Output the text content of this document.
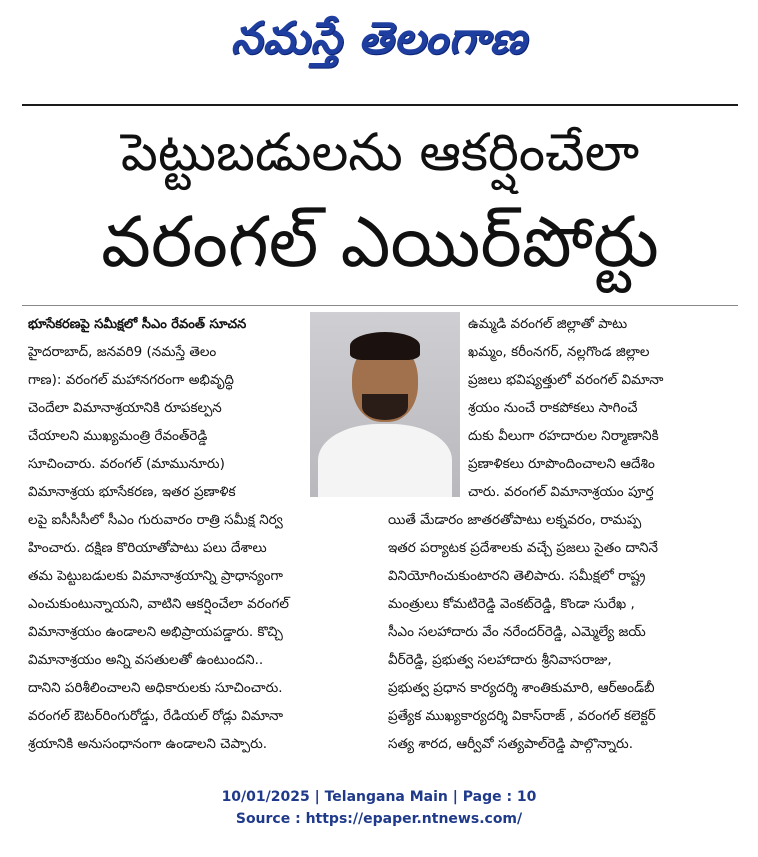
నమస్తే తెలంగాణ
పెట్టుబడులను ఆకర్షించేలా
వరంగల్ ఎయిర్‌పోర్టు
భూసేకరణపై సమీక్షలో సీఎం రేవంత్ సూచన
హైదరాబాద్, జనవరి9 (నమస్తే తెలం
గాణ): వరంగల్ మహానగరంగా అభివృద్ధి
చెందేలా విమానాశ్రయానికి రూపకల్పన
చేయాలని ముఖ్యమంత్రి రేవంత్‌రెడ్డి
సూచించారు. వరంగల్ (మామునూరు)
విమానాశ్రయ భూసేకరణ, ఇతర ప్రణాళిక
లపై ఐసీసీసీలో సీఎం గురువారం రాత్రి సమీక్ష నిర్వ
హించారు. దక్షిణ కొరియాతోపాటు పలు దేశాలు
తమ పెట్టుబడులకు విమానాశ్రయాన్ని ప్రాధాన్యంగా
ఎంచుకుంటున్నాయని, వాటిని ఆకర్షించేలా వరంగల్
విమానాశ్రయం ఉండాలని అభిప్రాయపడ్డారు. కొచ్చి
విమానాశ్రయం అన్ని వసతులతో ఉంటుందని..
దానిని పరిశీలించాలని అధికారులకు సూచించారు.
వరంగల్ ఔటర్‌రింగురోడ్డు, రేడియల్ రోడ్లు విమానా
శ్రయానికి అనుసంధానంగా ఉండాలని చెప్పారు.
ఉమ్మడి వరంగల్ జిల్లాతో పాటు
ఖమ్మం, కరీంనగర్, నల్లగొండ జిల్లాల
ప్రజలు భవిష్యత్తులో వరంగల్ విమానా
శ్రయం నుంచే రాకపోకలు సాగించే
దుకు వీలుగా రహదారుల నిర్మాణానికి
ప్రణాళికలు రూపొందించాలని ఆదేశిం
చారు. వరంగల్ విమానాశ్రయం పూర్త
యితే మేడారం జాతరతోపాటు లక్నవరం, రామప్ప
ఇతర పర్యాటక ప్రదేశాలకు వచ్చే ప్రజలు సైతం దానినే
వినియోగించుకుంటారని తెలిపారు. సమీక్షలో రాష్ట్ర
మంత్రులు కోమటిరెడ్డి వెంకట్‌రెడ్డి, కొండా సురేఖ ,
సీఎం సలహాదారు వేం నరేందర్‌రెడ్డి, ఎమ్మెల్యే జయ్
వీర్‌రెడ్డి, ప్రభుత్వ సలహాదారు శ్రీనివాసరాజు,
ప్రభుత్వ ప్రధాన కార్యదర్శి శాంతికుమారి, ఆర్‌అండ్‌బీ
ప్రత్యేక ముఖ్యకార్యదర్శి వికాస్‌రాజ్ , వరంగల్ కలెక్టర్
సత్య శారద, ఆర్వీవో సత్యపాల్‌రెడ్డి పాల్గొన్నారు.
10/01/2025 | Telangana Main | Page : 10
Source : https://epaper.ntnews.com/
